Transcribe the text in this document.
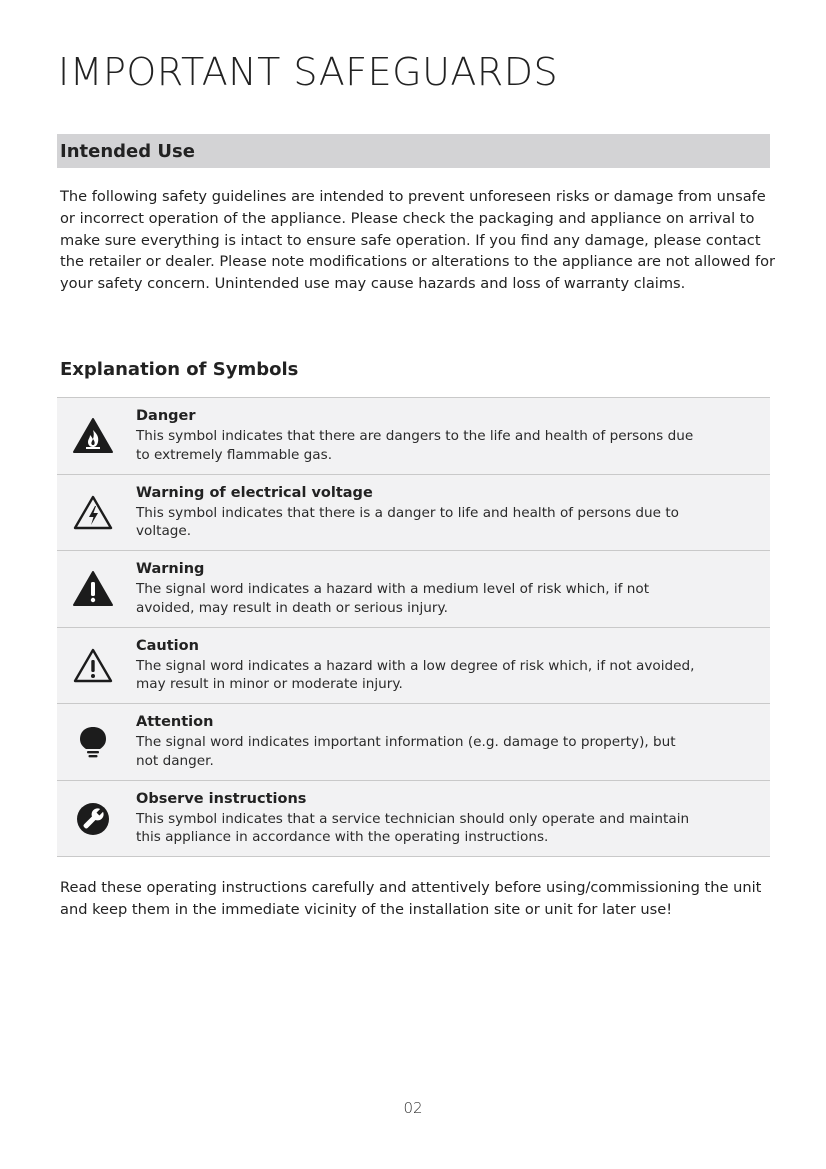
IMPORTANT SAFEGUARDS
Intended Use

The following safety guidelines are intended to prevent unforeseen risks or damage from unsafe or incorrect operation of the appliance. Please check the packaging and appliance on arrival to make sure everything is intact to ensure safe operation. If you find any damage, please contact the retailer or dealer. Please note modifications or alterations to the appliance are not allowed for your safety concern. Unintended use may cause hazards and loss of warranty claims.

Explanation of Symbols
Danger
This symbol indicates that there are dangers to the life and health of persons due to extremely flammable gas.
Warning of electrical voltage
This symbol indicates that there is a danger to life and health of persons due to voltage.
Warning
The signal word indicates a hazard with a medium level of risk which, if not avoided, may result in death or serious injury.
Caution
The signal word indicates a hazard with a low degree of risk which, if not avoided, may result in minor or moderate injury.
Attention
The signal word indicates important information (e.g. damage to property), but not danger.
Observe instructions
This symbol indicates that a service technician should only operate and maintain this appliance in accordance with the operating instructions.

Read these operating instructions carefully and attentively before using/commissioning the unit and keep them in the immediate vicinity of the installation site or unit for later use!

02
